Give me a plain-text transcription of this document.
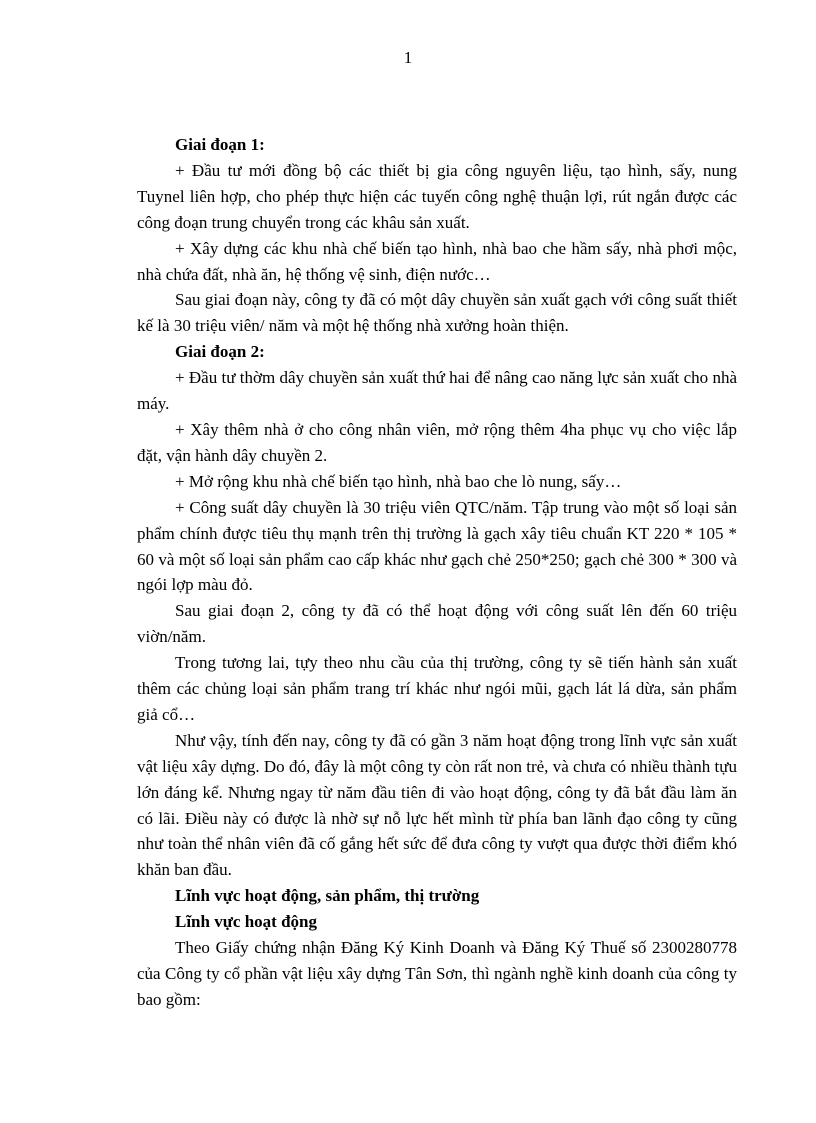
1

Giai đoạn 1:

+ Đầu tư mới đồng bộ các thiết bị gia công nguyên liệu, tạo hình, sấy, nung Tuynel liên hợp, cho phép thực hiện các tuyến công nghệ thuận lợi, rút ngắn được các công đoạn trung chuyển trong các khâu sản xuất.

+ Xây dựng các khu nhà chế biến tạo hình, nhà bao che hầm sấy, nhà phơi mộc, nhà chứa đất, nhà ăn, hệ thống vệ sinh, điện nước…

Sau giai đoạn này, công ty đã có một dây chuyền sản xuất gạch với công suất thiết kế là 30 triệu viên/ năm và một hệ thống nhà xưởng hoàn thiện.

Giai đoạn 2:

+ Đầu tư thờm dây chuyền sản xuất thứ hai để nâng cao năng lực sản xuất cho nhà máy.

+ Xây thêm nhà ở cho công nhân viên, mở rộng thêm 4ha phục vụ cho việc lắp đặt, vận hành dây chuyền 2.

+ Mở rộng khu nhà chế biến tạo hình, nhà bao che lò nung, sấy…

+ Công suất dây chuyền là 30 triệu viên QTC/năm. Tập trung vào một số loại sản phẩm chính được tiêu thụ mạnh trên thị trường là gạch xây tiêu chuẩn KT 220 * 105 * 60 và một số loại sản phẩm cao cấp khác như gạch chẻ 250*250; gạch chẻ 300 * 300 và ngói lợp màu đỏ.

Sau giai đoạn 2, công ty đã có thể hoạt động với công suất lên đến 60 triệu viờn/năm.

Trong tương lai, tựy theo nhu cầu của thị trường, công ty sẽ tiến hành sản xuất thêm các chủng loại sản phẩm trang trí khác như ngói mũi, gạch lát lá dừa, sản phẩm giả cổ…

Như vậy, tính đến nay, công ty đã có gần 3 năm hoạt động trong lĩnh vực sản xuất vật liệu xây dựng. Do đó, đây là một công ty còn rất non trẻ, và chưa có nhiều thành tựu lớn đáng kể. Nhưng ngay từ năm đầu tiên đi vào hoạt động, công ty đã bắt đầu làm ăn có lãi. Điều này có được là nhờ sự nỗ lực hết mình từ phía ban lãnh đạo công ty cũng như toàn thể nhân viên đã cố gắng hết sức để đưa công ty vượt qua được thời điểm khó khăn ban đầu.

Lĩnh vực hoạt động, sản phẩm, thị trường

Lĩnh vực hoạt động

Theo Giấy chứng nhận Đăng Ký Kinh Doanh và Đăng Ký Thuế số 2300280778 của Công ty cổ phần vật liệu xây dựng Tân Sơn, thì ngành nghề kinh doanh của công ty bao gồm:
